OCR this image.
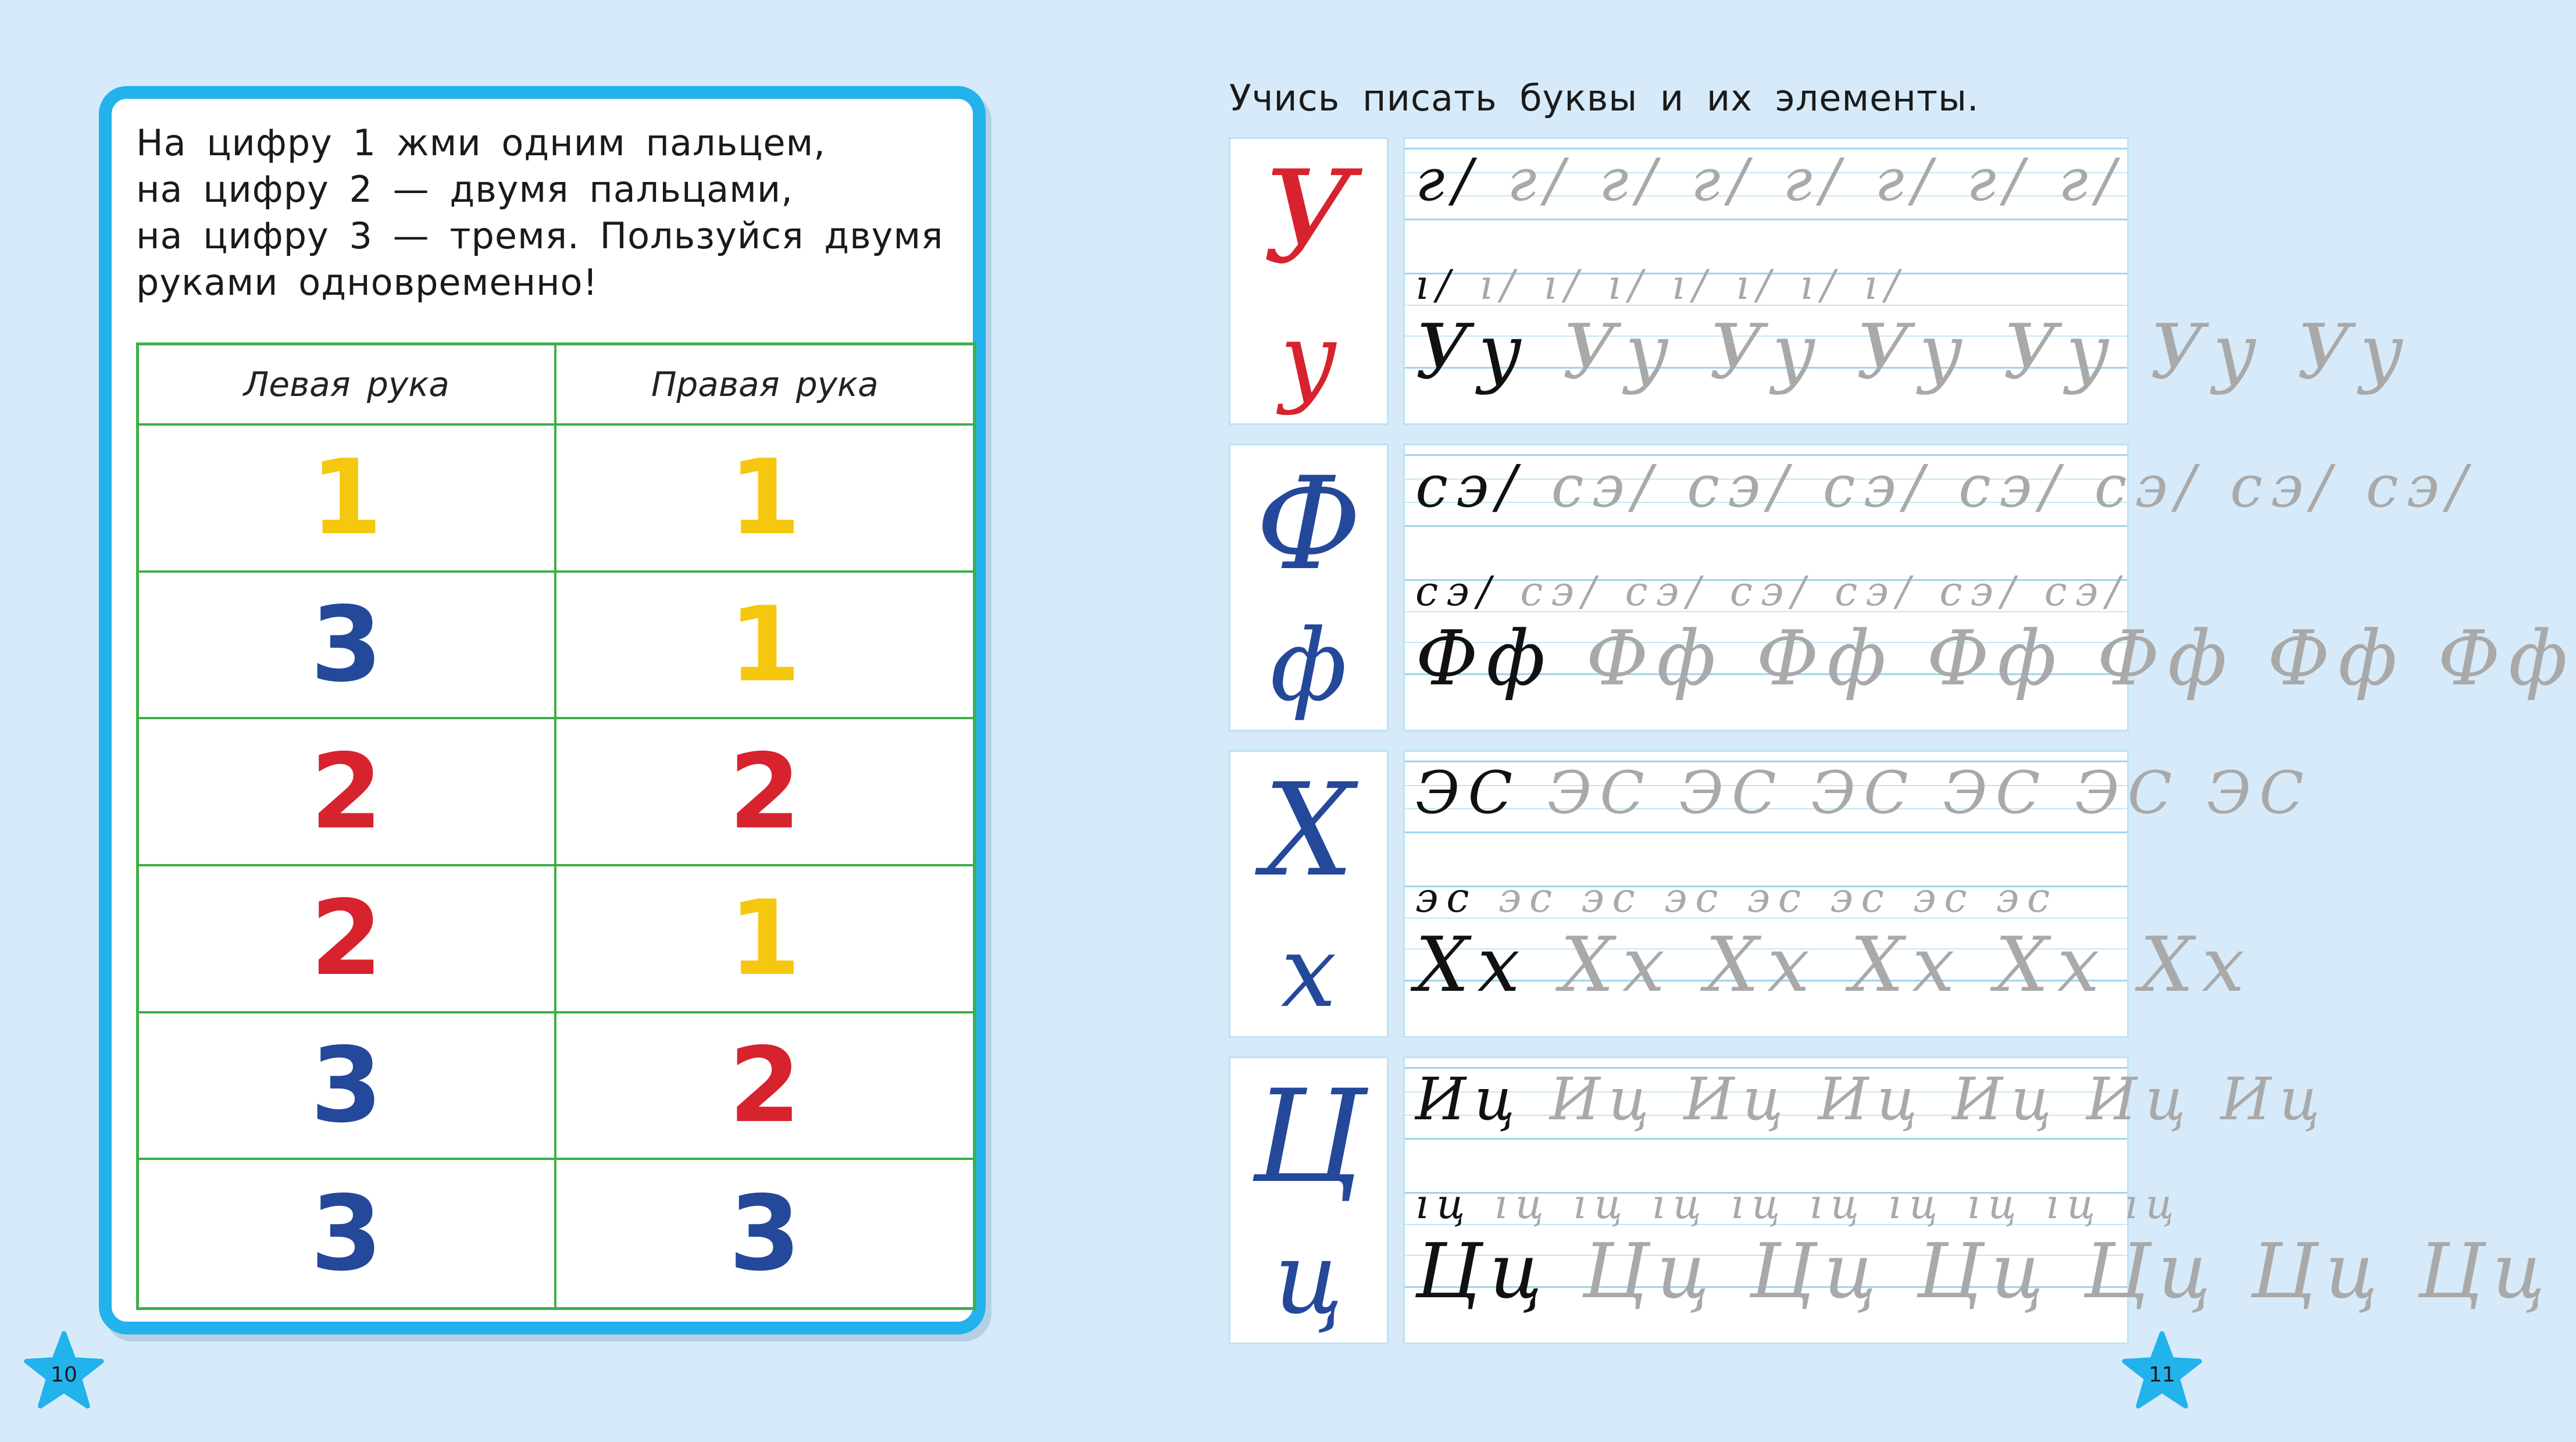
На цифру 1 жми одним пальцем,
на цифру 2 — двумя пальцами,
на цифру 3 — тремя. Пользуйся двумя
руками одновременно!

Левая рука	Правая рука
1	1
3	1
2	2
2	1
3	2
3	3
10
Учись писать буквы и их элементы.
У
у
г/ г/ г/ г/ г/ г/ г/ г/
ı/ ı/ ı/ ı/ ı/ ı/ ı/ ı/
Уу Уу Уу Уу Уу Уу Уу
Ф
ф
сэ/ сэ/ сэ/ сэ/ сэ/ сэ/ сэ/ сэ/
сэ/ сэ/ сэ/ сэ/ сэ/ сэ/ сэ/
Фф Фф Фф Фф Фф Фф Фф
Х
х
ЭС ЭС ЭС ЭС ЭС ЭС ЭС
эс эс эс эс эс эс эс эс
Хх Хх Хх Хх Хх Хх
Ц
ц
Иц Иц Иц Иц Иц Иц Иц
ıц ıц ıц ıц ıц ıц ıц ıц ıц ıц
Цц Цц Цц Цц Цц Цц Цц
11
